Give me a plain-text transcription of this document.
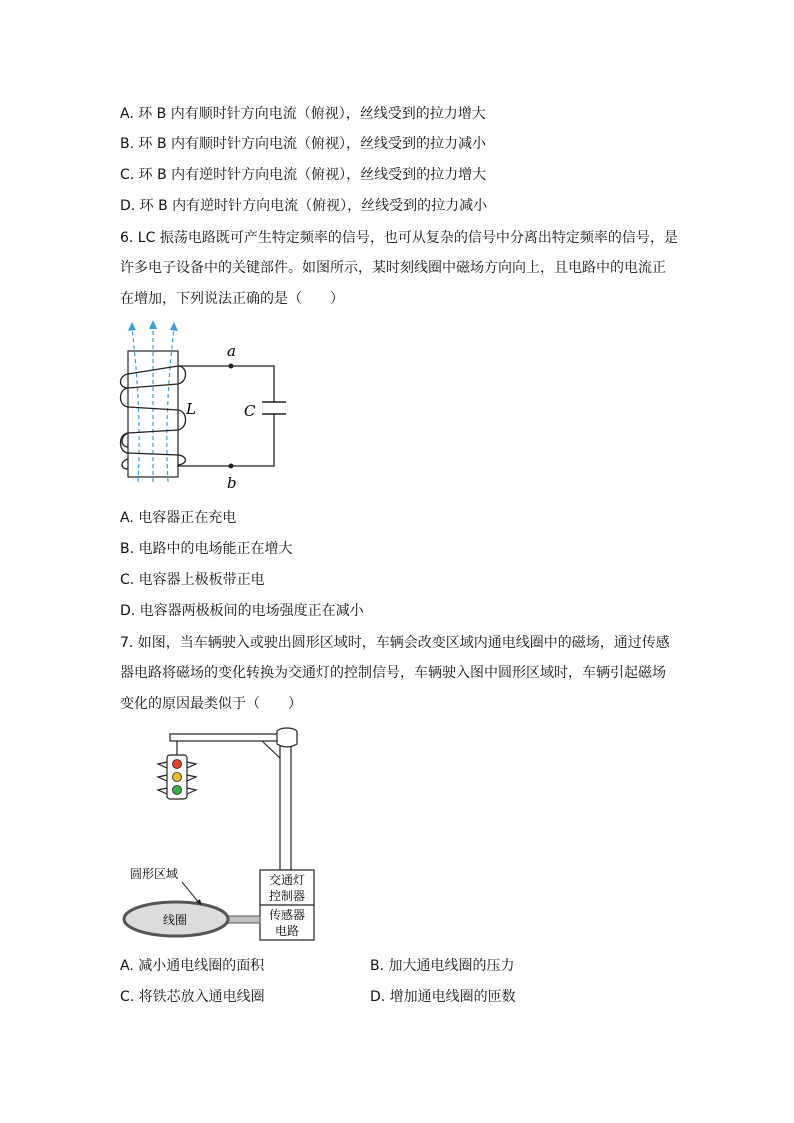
A. 环 B 内有顺时针方向电流（俯视），丝线受到的拉力增大
B. 环 B 内有顺时针方向电流（俯视），丝线受到的拉力减小
C. 环 B 内有逆时针方向电流（俯视），丝线受到的拉力增大
D. 环 B 内有逆时针方向电流（俯视），丝线受到的拉力减小
6. LC 振荡电路既可产生特定频率的信号，也可从复杂的信号中分离出特定频率的信号，是
许多电子设备中的关键部件。如图所示，某时刻线圈中磁场方向向上，且电路中的电流正
在增加，下列说法正确的是（　　）
a
b
L	C
A. 电容器正在充电
B. 电路中的电场能正在增大
C. 电容器上极板带正电
D. 电容器两极板间的电场强度正在减小
7. 如图，当车辆驶入或驶出圆形区域时，车辆会改变区域内通电线圈中的磁场，通过传感
器电路将磁场的变化转换为交通灯的控制信号，车辆驶入图中圆形区域时，车辆引起磁场
变化的原因最类似于（　　）
交通灯
控制器
传感器
电路
线圈
圆形区域
A. 减小通电线圈的面积	B. 加大通电线圈的压力
C. 将铁芯放入通电线圈	D. 增加通电线圈的匝数
